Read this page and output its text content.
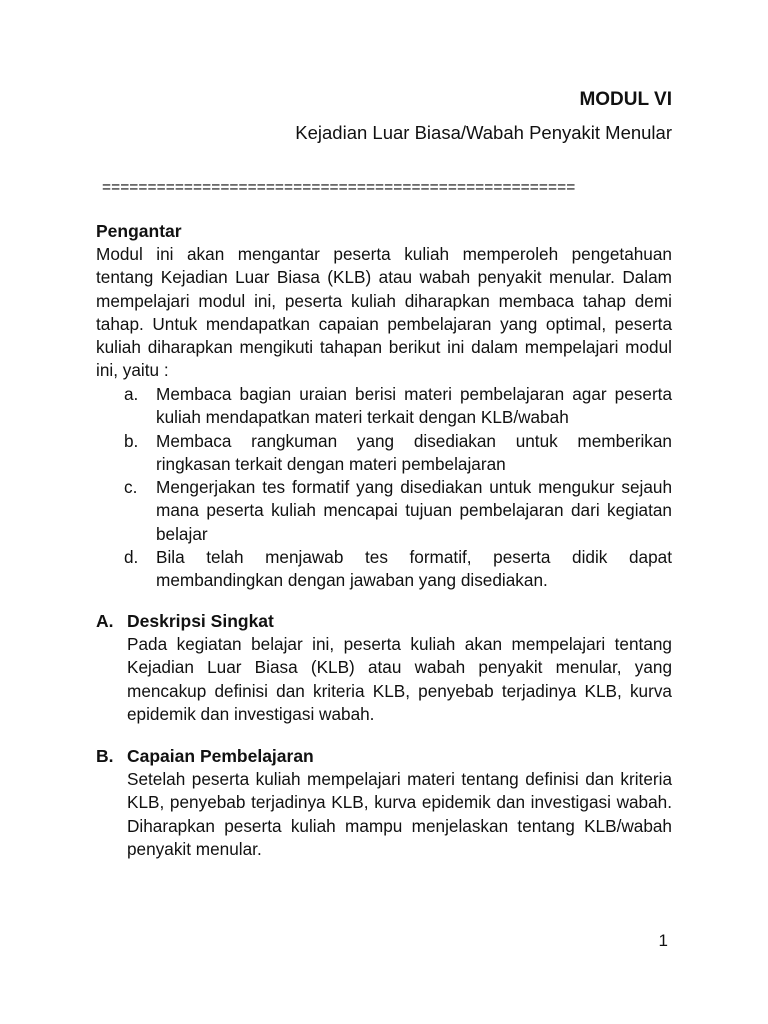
MODUL VI
Kejadian Luar Biasa/Wabah Penyakit Menular
====================================================
Pengantar

Modul ini akan mengantar peserta kuliah memperoleh pengetahuan tentang Kejadian Luar Biasa (KLB) atau wabah penyakit menular. Dalam mempelajari modul ini, peserta kuliah diharapkan membaca tahap demi tahap. Untuk mendapatkan capaian pembelajaran yang optimal, peserta kuliah diharapkan mengikuti tahapan berikut ini dalam mempelajari modul ini, yaitu :

a. Membaca bagian uraian berisi materi pembelajaran agar peserta kuliah mendapatkan materi terkait dengan KLB/wabah
b. Membaca rangkuman yang disediakan untuk memberikan ringkasan terkait dengan materi pembelajaran
c. Mengerjakan tes formatif yang disediakan untuk mengukur sejauh mana peserta kuliah mencapai tujuan pembelajaran dari kegiatan belajar
d. Bila telah menjawab tes formatif, peserta didik dapat membandingkan dengan jawaban yang disediakan.
A. Deskripsi Singkat

Pada kegiatan belajar ini, peserta kuliah akan mempelajari tentang Kejadian Luar Biasa (KLB) atau wabah penyakit menular, yang mencakup definisi dan kriteria KLB, penyebab terjadinya KLB, kurva epidemik dan investigasi wabah.

B. Capaian Pembelajaran

Setelah peserta kuliah mempelajari materi tentang definisi dan kriteria KLB, penyebab terjadinya KLB, kurva epidemik dan investigasi wabah. Diharapkan peserta kuliah mampu menjelaskan tentang KLB/wabah penyakit menular.

1
